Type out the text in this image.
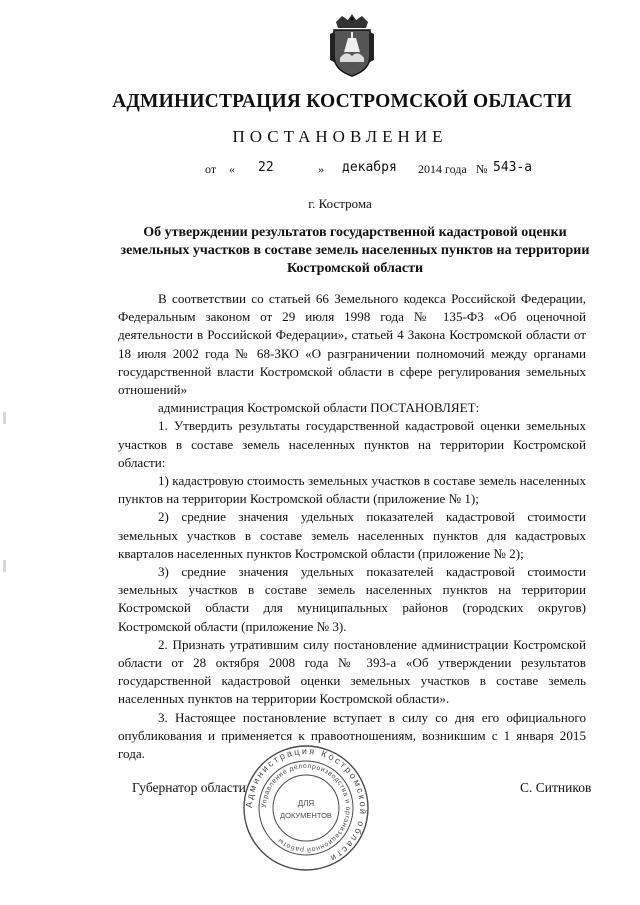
АДМИНИСТРАЦИЯ КОСТРОМСКОЙ ОБЛАСТИ
ПОСТАНОВЛЕНИЕ
от « 22	» декабря 2014 года № 543-а
г. Кострома
Об утверждении результатов государственной кадастровой оценки земельных участков в составе земель населенных пунктов на территории Костромской области

В соответствии со статьей 66 Земельного кодекса Российской Федерации, Федеральным законом от 29 июля 1998 года № 135-ФЗ «Об оценочной деятельности в Российской Федерации», статьей 4 Закона Костромской области от 18 июля 2002 года № 68-ЗКО «О разграничении полномочий между органами государственной власти Костромской области в сфере регулирования земельных отношений»

администрация Костромской области ПОСТАНОВЛЯЕТ:

1. Утвердить результаты государственной кадастровой оценки земельных участков в составе земель населенных пунктов на территории Костромской области:

1) кадастровую стоимость земельных участков в составе земель населенных пунктов на территории Костромской области (приложение № 1);

2) средние значения удельных показателей кадастровой стоимости земельных участков в составе земель населенных пунктов для кадастровых кварталов населенных пунктов Костромской области (приложение № 2);

3) средние значения удельных показателей кадастровой стоимости земельных участков в составе земель населенных пунктов на территории Костромской области для муниципальных районов (городских округов) Костромской области (приложение № 3).

2. Признать утратившим силу постановление администрации Костромской области от 28 октября 2008 года № 393-а «Об утверждении результатов государственной кадастровой оценки земельных участков в составе земель населенных пунктов на территории Костромской области».

3. Настоящее постановление вступает в силу со дня его официального опубликования и применяется к правоотношениям, возникшим с 1 января 2015 года.

Администрация Костромской области
Управление делопроизводства и организационной работы
ДЛЯ
ДОКУМЕНТОВ
Губернатор области	С. Ситников
